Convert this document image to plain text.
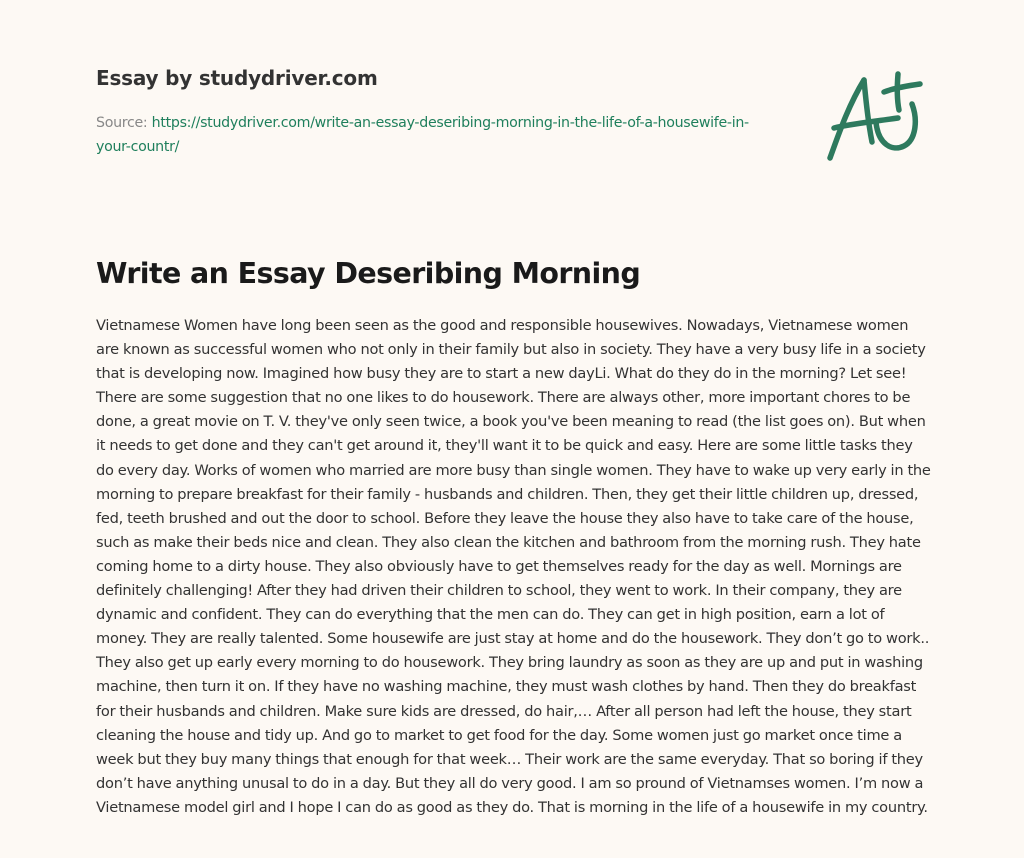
Essay by studydriver.com
Source: https://studydriver.com/write-an-essay-deseribing-morning-in-the-life-of-a-housewife-in-your-countr/
Write an Essay Deseribing Morning

Vietnamese Women have long been seen as the good and responsible housewives. Nowadays, Vietnamese women are known as successful women who not only in their family but also in society. They have a very busy life in a society that is developing now. Imagined how busy they are to start a new dayLi. What do they do in the morning? Let see! There are some suggestion that no one likes to do housework. There are always other, more important chores to be done, a great movie on T. V. they've only seen twice, a book you've been meaning to read (the list goes on). But when it needs to get done and they can't get around it, they'll want it to be quick and easy. Here are some little tasks they do every day. Works of women who married are more busy than single women. They have to wake up very early in the morning to prepare breakfast for their family - husbands and children. Then, they get their little children up, dressed, fed, teeth brushed and out the door to school. Before they leave the house they also have to take care of the house, such as make their beds nice and clean. They also clean the kitchen and bathroom from the morning rush. They hate coming home to a dirty house. They also obviously have to get themselves ready for the day as well. Mornings are definitely challenging! After they had driven their children to school, they went to work. In their company, they are dynamic and confident. They can do everything that the men can do. They can get in high position, earn a lot of money. They are really talented. Some housewife are just stay at home and do the housework. They don’t go to work.. They also get up early every morning to do housework. They bring laundry as soon as they are up and put in washing machine, then turn it on. If they have no washing machine, they must wash clothes by hand. Then they do breakfast for their husbands and children. Make sure kids are dressed, do hair,… After all person had left the house, they start cleaning the house and tidy up. And go to market to get food for the day. Some women just go market once time a week but they buy many things that enough for that week… Their work are the same everyday. That so boring if they don’t have anything unusal to do in a day. But they all do very good. I am so pround of Vietnamses women. I’m now a Vietnamese model girl and I hope I can do as good as they do. That is morning in the life of a housewife in my country.
